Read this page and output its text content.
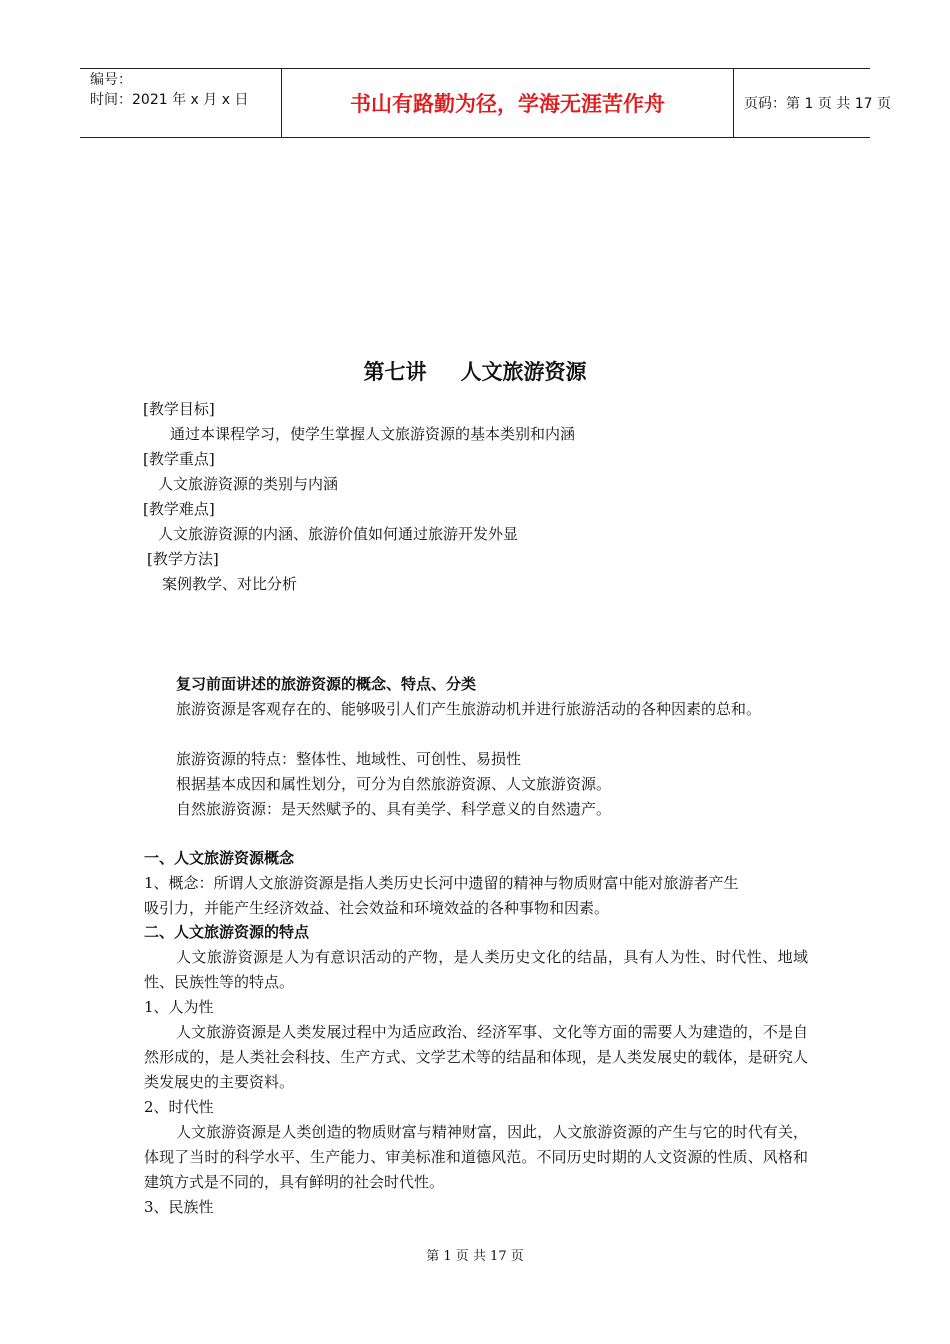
编号：
时间：2021 年 x 月 x 日	书山有路勤为径，学海无涯苦作舟	页码：第 1 页 共 17 页
第七讲 人文旅游资源
[教学目标]
通过本课程学习，使学生掌握人文旅游资源的基本类别和内涵
[教学重点]
人文旅游资源的类别与内涵
[教学难点]
人文旅游资源的内涵、旅游价值如何通过旅游开发外显
[教学方法]
案例教学、对比分析
复习前面讲述的旅游资源的概念、特点、分类
旅游资源是客观存在的、能够吸引人们产生旅游动机并进行旅游活动的各种因素的总和。
旅游资源的特点：整体性、地域性、可创性、易损性
根据基本成因和属性划分，可分为自然旅游资源、人文旅游资源。
自然旅游资源：是天然赋予的、具有美学、科学意义的自然遗产。
一、人文旅游资源概念
1、概念：所谓人文旅游资源是指人类历史长河中遗留的精神与物质财富中能对旅游者产生
吸引力，并能产生经济效益、社会效益和环境效益的各种事物和因素。
二、人文旅游资源的特点
人文旅游资源是人为有意识活动的产物，是人类历史文化的结晶，具有人为性、时代性、地域性、民族性等的特点。
1、人为性
人文旅游资源是人类发展过程中为适应政治、经济军事、文化等方面的需要人为建造的，不是自然形成的，是人类社会科技、生产方式、文学艺术等的结晶和体现，是人类发展史的载体，是研究人类发展史的主要资料。
2、时代性
人文旅游资源是人类创造的物质财富与精神财富，因此，人文旅游资源的产生与它的时代有关，体现了当时的科学水平、生产能力、审美标准和道德风范。不同历史时期的人文资源的性质、风格和建筑方式是不同的，具有鲜明的社会时代性。
3、民族性
第 1 页 共 17 页
